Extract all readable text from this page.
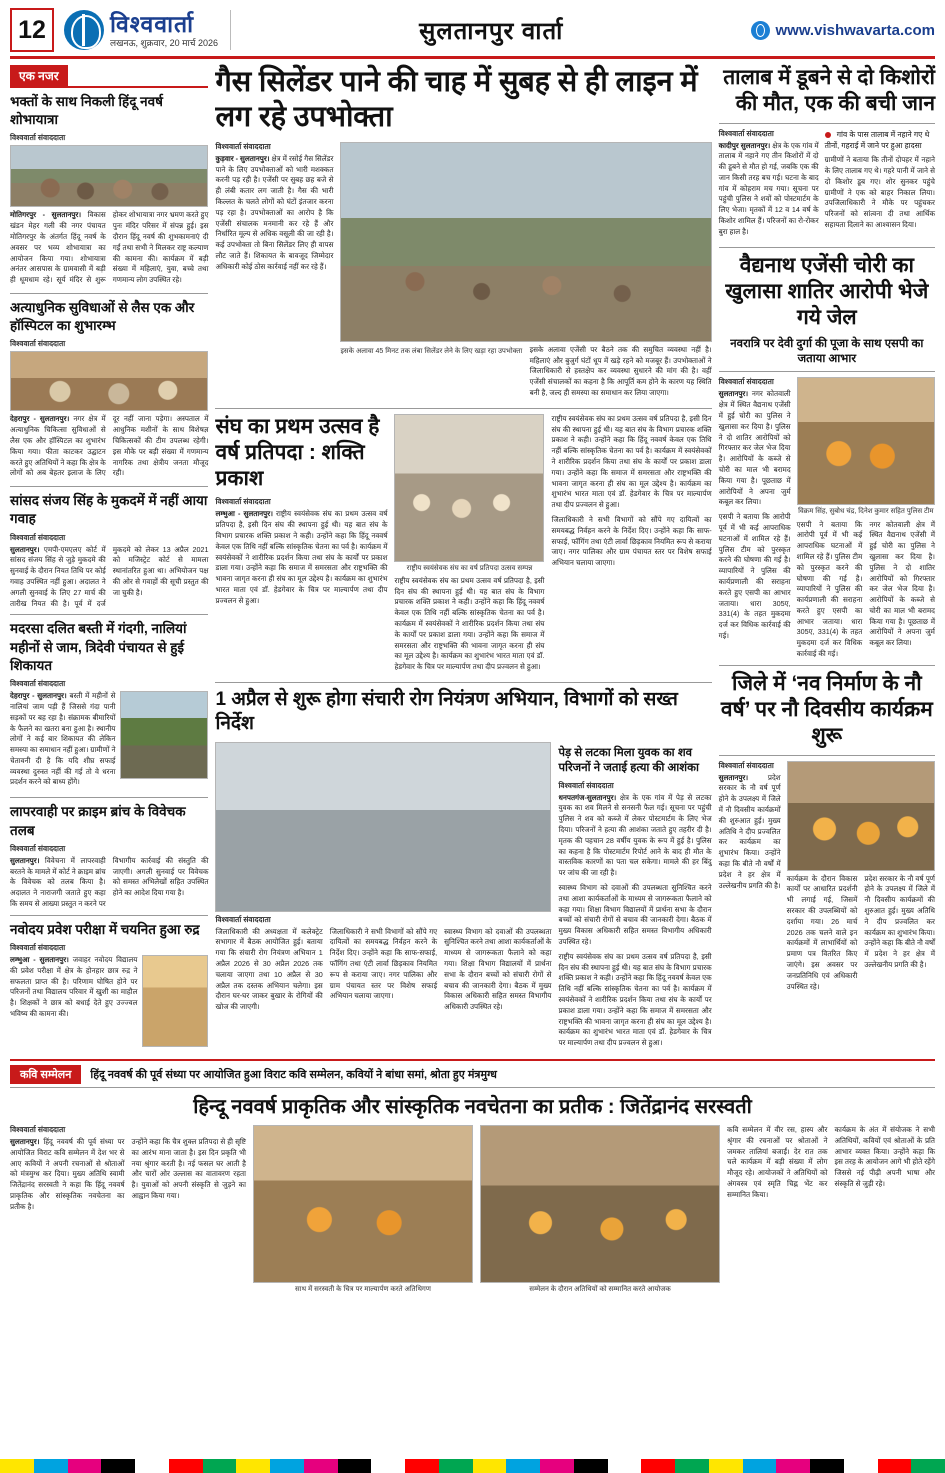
12	विश्ववार्ता
लखनऊ, शुक्रवार, 20 मार्च 2026	सुलतानपुर वार्ता	www.vishwavarta.com
एक नजर
भक्तों के साथ निकली हिंदू नवर्ष शोभायात्रा
विश्ववार्ता संवाददाता

मोतिगरपुर - सुलतानपुर। विकास खंडन मेहर गली की नगर पंचायत मोतिगरपुर के अंतर्गत हिंदू नवर्ष के अवसर पर भव्य शोभायात्रा का आयोजन किया गया। शोभायात्रा अनंतर आसपास के ग्रामवासी में बड़ी ही धूमधाम रहे। सूर्य मंदिर से शुरू होकर शोभायात्रा नगर भ्रमण करते हुए पुनः मंदिर परिसर में संपन्न हुई। इस दौरान हिंदू नवर्ष की शुभकामनाएं दी गईं तथा सभी ने मिलकर राष्ट्र कल्याण की कामना की। कार्यक्रम में बड़ी संख्या में महिलाएं, युवा, बच्चे तथा गणमान्य लोग उपस्थित रहे।

अत्याधुनिक सुविधाओं से लैस एक और हॉस्पिटल का शुभारम्भ
विश्ववार्ता संवाददाता

देहरापुर - सुलतानपुर। नगर क्षेत्र में अत्याधुनिक चिकित्सा सुविधाओं से लैस एक और हॉस्पिटल का शुभारंभ किया गया। फीता काटकर उद्घाटन करते हुए अतिथियों ने कहा कि क्षेत्र के लोगों को अब बेहतर इलाज के लिए दूर नहीं जाना पड़ेगा। अस्पताल में आधुनिक मशीनों के साथ विशेषज्ञ चिकित्सकों की टीम उपलब्ध रहेगी। इस मौके पर बड़ी संख्या में गणमान्य नागरिक तथा क्षेत्रीय जनता मौजूद रही।

सांसद संजय सिंह के मुकदमें में नहीं आया गवाह
विश्ववार्ता संवाददाता

सुलतानपुर। एमपी-एमएलए कोर्ट में सांसद संजय सिंह से जुड़े मुकदमे की सुनवाई के दौरान नियत तिथि पर कोई गवाह उपस्थित नहीं हुआ। अदालत ने अगली सुनवाई के लिए 27 मार्च की तारीख नियत की है। पूर्व में दर्ज मुकदमे को लेकर 13 अप्रैल 2021 को मजिस्ट्रेट कोर्ट से मामला स्थानांतरित हुआ था। अभियोजन पक्ष की ओर से गवाहों की सूची प्रस्तुत की जा चुकी है।

मदरसा दलित बस्ती में गंदगी, नालियां महीनों से जाम, त्रिदेवी पंचायत से हुई शिकायत
विश्ववार्ता संवाददाता

देहरापुर - सुलतानपुर। बस्ती में महीनों से नालियां जाम पड़ी हैं जिससे गंदा पानी सड़कों पर बह रहा है। संक्रामक बीमारियों के फैलने का खतरा बना हुआ है। स्थानीय लोगों ने कई बार शिकायत की लेकिन समस्या का समाधान नहीं हुआ। ग्रामीणों ने चेतावनी दी है कि यदि शीघ्र सफाई व्यवस्था दुरुस्त नहीं की गई तो वे धरना प्रदर्शन करने को बाध्य होंगे।

लापरवाही पर क्राइम ब्रांच के विवेचक तलब
विश्ववार्ता संवाददाता

सुलतानपुर। विवेचना में लापरवाही बरतने के मामले में कोर्ट ने क्राइम ब्रांच के विवेचक को तलब किया है। अदालत ने नाराजगी जताते हुए कहा कि समय से आख्या प्रस्तुत न करने पर विभागीय कार्रवाई की संस्तुति की जाएगी। अगली सुनवाई पर विवेचक को समस्त अभिलेखों सहित उपस्थित होने का आदेश दिया गया है।

नवोदय प्रवेश परीक्षा में चयनित हुआ रुद्र
विश्ववार्ता संवाददाता

लम्भुआ - सुलतानपुर। जवाहर नवोदय विद्यालय की प्रवेश परीक्षा में क्षेत्र के होनहार छात्र रुद्र ने सफलता प्राप्त की है। परिणाम घोषित होने पर परिजनों तथा विद्यालय परिवार में खुशी का माहौल है। शिक्षकों ने छात्र को बधाई देते हुए उज्ज्वल भविष्य की कामना की।

गैस सिलेंडर पाने की चाह में सुबह से ही लाइन में लग रहे उपभोक्ता
विश्ववार्ता संवाददाता

कुड़वार - सुलतानपुर। क्षेत्र में रसोई गैस सिलेंडर पाने के लिए उपभोक्ताओं को भारी मशक्कत करनी पड़ रही है। एजेंसी पर सुबह छह बजे से ही लंबी कतार लग जाती है। गैस की भारी किल्लत के चलते लोगों को घंटों इंतजार करना पड़ रहा है। उपभोक्ताओं का आरोप है कि एजेंसी संचालक मनमानी कर रहे हैं और निर्धारित मूल्य से अधिक वसूली की जा रही है। कई उपभोक्ता तो बिना सिलेंडर लिए ही वापस लौट जाते हैं। शिकायत के बावजूद जिम्मेदार अधिकारी कोई ठोस कार्रवाई नहीं कर रहे हैं।

इसके अलावा 45 मिनट तक लंबा सिलेंडर लेने के लिए खड़ा रहा उपभोक्ता इसके अलावा एजेंसी पर बैठने तक की समुचित व्यवस्था नहीं है। महिलाएं और बुजुर्ग घंटों धूप में खड़े रहने को मजबूर हैं। उपभोक्ताओं ने जिलाधिकारी से हस्तक्षेप कर व्यवस्था सुधारने की मांग की है। वहीं एजेंसी संचालकों का कहना है कि आपूर्ति कम होने के कारण यह स्थिति बनी है, जल्द ही समस्या का समाधान कर लिया जाएगा।

संघ का प्रथम उत्सव है वर्ष प्रतिपदा : शक्ति प्रकाश
विश्ववार्ता संवाददाता

लम्भुआ - सुलतानपुर। राष्ट्रीय स्वयंसेवक संघ का प्रथम उत्सव वर्ष प्रतिपदा है, इसी दिन संघ की स्थापना हुई थी। यह बात संघ के विभाग प्रचारक शक्ति प्रकाश ने कही। उन्होंने कहा कि हिंदू नववर्ष केवल एक तिथि नहीं बल्कि सांस्कृतिक चेतना का पर्व है। कार्यक्रम में स्वयंसेवकों ने शारीरिक प्रदर्शन किया तथा संघ के कार्यों पर प्रकाश डाला गया। उन्होंने कहा कि समाज में समरसता और राष्ट्रभक्ति की भावना जागृत करना ही संघ का मूल उद्देश्य है। कार्यक्रम का शुभारंभ भारत माता एवं डॉ. हेडगेवार के चित्र पर माल्यार्पण तथा दीप प्रज्वलन से हुआ।

राष्ट्रीय स्वयंसेवक संघ का वर्ष प्रतिपदा उत्सव सम्पन्न

राष्ट्रीय स्वयंसेवक संघ का प्रथम उत्सव वर्ष प्रतिपदा है, इसी दिन संघ की स्थापना हुई थी। यह बात संघ के विभाग प्रचारक शक्ति प्रकाश ने कही। उन्होंने कहा कि हिंदू नववर्ष केवल एक तिथि नहीं बल्कि सांस्कृतिक चेतना का पर्व है। कार्यक्रम में स्वयंसेवकों ने शारीरिक प्रदर्शन किया तथा संघ के कार्यों पर प्रकाश डाला गया। उन्होंने कहा कि समाज में समरसता और राष्ट्रभक्ति की भावना जागृत करना ही संघ का मूल उद्देश्य है। कार्यक्रम का शुभारंभ भारत माता एवं डॉ. हेडगेवार के चित्र पर माल्यार्पण तथा दीप प्रज्वलन से हुआ।

राष्ट्रीय स्वयंसेवक संघ का प्रथम उत्सव वर्ष प्रतिपदा है, इसी दिन संघ की स्थापना हुई थी। यह बात संघ के विभाग प्रचारक शक्ति प्रकाश ने कही। उन्होंने कहा कि हिंदू नववर्ष केवल एक तिथि नहीं बल्कि सांस्कृतिक चेतना का पर्व है। कार्यक्रम में स्वयंसेवकों ने शारीरिक प्रदर्शन किया तथा संघ के कार्यों पर प्रकाश डाला गया। उन्होंने कहा कि समाज में समरसता और राष्ट्रभक्ति की भावना जागृत करना ही संघ का मूल उद्देश्य है। कार्यक्रम का शुभारंभ भारत माता एवं डॉ. हेडगेवार के चित्र पर माल्यार्पण तथा दीप प्रज्वलन से हुआ।

जिलाधिकारी ने सभी विभागों को सौंपे गए दायित्वों का समयबद्ध निर्वहन करने के निर्देश दिए। उन्होंने कहा कि साफ-सफाई, फॉगिंग तथा एंटी लार्वा छिड़काव नियमित रूप से कराया जाए। नगर पालिका और ग्राम पंचायत स्तर पर विशेष सफाई अभियान चलाया जाएगा।

1 अप्रैल से शुरू होगा संचारी रोग नियंत्रण अभियान, विभागों को सख्त निर्देश
विश्ववार्ता संवाददाता

जिलाधिकारी की अध्यक्षता में कलेक्ट्रेट सभागार में बैठक आयोजित हुई। बताया गया कि संचारी रोग नियंत्रण अभियान 1 अप्रैल 2026 से 30 अप्रैल 2026 तक चलाया जाएगा तथा 10 अप्रैल से 30 अप्रैल तक दस्तक अभियान चलेगा। इस दौरान घर-घर जाकर बुखार के रोगियों की खोज की जाएगी।

जिलाधिकारी ने सभी विभागों को सौंपे गए दायित्वों का समयबद्ध निर्वहन करने के निर्देश दिए। उन्होंने कहा कि साफ-सफाई, फॉगिंग तथा एंटी लार्वा छिड़काव नियमित रूप से कराया जाए। नगर पालिका और ग्राम पंचायत स्तर पर विशेष सफाई अभियान चलाया जाएगा।

स्वास्थ्य विभाग को दवाओं की उपलब्धता सुनिश्चित करने तथा आशा कार्यकर्ताओं के माध्यम से जागरूकता फैलाने को कहा गया। शिक्षा विभाग विद्यालयों में प्रार्थना सभा के दौरान बच्चों को संचारी रोगों से बचाव की जानकारी देगा। बैठक में मुख्य विकास अधिकारी सहित समस्त विभागीय अधिकारी उपस्थित रहे।

पेड़ से लटका मिला युवक का शव परिजनों ने जताई हत्या की आशंका
विश्ववार्ता संवाददाता

धनपतगंज-सुलतानपुर। क्षेत्र के एक गांव में पेड़ से लटका युवक का शव मिलने से सनसनी फैल गई। सूचना पर पहुंची पुलिस ने शव को कब्जे में लेकर पोस्टमार्टम के लिए भेज दिया। परिजनों ने हत्या की आशंका जताते हुए तहरीर दी है। मृतक की पहचान 28 वर्षीय युवक के रूप में हुई है। पुलिस का कहना है कि पोस्टमार्टम रिपोर्ट आने के बाद ही मौत के वास्तविक कारणों का पता चल सकेगा। मामले की हर बिंदु पर जांच की जा रही है।

स्वास्थ्य विभाग को दवाओं की उपलब्धता सुनिश्चित करने तथा आशा कार्यकर्ताओं के माध्यम से जागरूकता फैलाने को कहा गया। शिक्षा विभाग विद्यालयों में प्रार्थना सभा के दौरान बच्चों को संचारी रोगों से बचाव की जानकारी देगा। बैठक में मुख्य विकास अधिकारी सहित समस्त विभागीय अधिकारी उपस्थित रहे।

राष्ट्रीय स्वयंसेवक संघ का प्रथम उत्सव वर्ष प्रतिपदा है, इसी दिन संघ की स्थापना हुई थी। यह बात संघ के विभाग प्रचारक शक्ति प्रकाश ने कही। उन्होंने कहा कि हिंदू नववर्ष केवल एक तिथि नहीं बल्कि सांस्कृतिक चेतना का पर्व है। कार्यक्रम में स्वयंसेवकों ने शारीरिक प्रदर्शन किया तथा संघ के कार्यों पर प्रकाश डाला गया। उन्होंने कहा कि समाज में समरसता और राष्ट्रभक्ति की भावना जागृत करना ही संघ का मूल उद्देश्य है। कार्यक्रम का शुभारंभ भारत माता एवं डॉ. हेडगेवार के चित्र पर माल्यार्पण तथा दीप प्रज्वलन से हुआ।

तालाब में डूबने से दो किशोरों की मौत, एक की बची जान
विश्ववार्ता संवाददाता

कादीपुर सुलतानपुर। क्षेत्र के एक गांव में तालाब में नहाने गए तीन किशोरों में दो की डूबने से मौत हो गई, जबकि एक की जान किसी तरह बच गई। घटना के बाद गांव में कोहराम मच गया। सूचना पर पहुंची पुलिस ने शवों को पोस्टमार्टम के लिए भेजा। मृतकों में 12 व 14 वर्ष के किशोर शामिल हैं। परिजनों का रो-रोकर बुरा हाल है।

गांव के पास तालाब में नहाने गए थे तीनों, गहराई में जाने पर हुआ हादसा

ग्रामीणों ने बताया कि तीनों दोपहर में नहाने के लिए तालाब गए थे। गहरे पानी में जाने से दो किशोर डूब गए। शोर सुनकर पहुंचे ग्रामीणों ने एक को बाहर निकाल लिया। उपजिलाधिकारी ने मौके पर पहुंचकर परिजनों को सांत्वना दी तथा आर्थिक सहायता दिलाने का आश्वासन दिया।

वैद्यनाथ एजेंसी चोरी का खुलासा शातिर आरोपी भेजे गये जेल
नवरात्रि पर देवी दुर्गा की पूजा के साथ एसपी का जताया आभार
विश्ववार्ता संवाददाता

सुलतानपुर। नगर कोतवाली क्षेत्र में स्थित वैद्यनाथ एजेंसी में हुई चोरी का पुलिस ने खुलासा कर दिया है। पुलिस ने दो शातिर आरोपियों को गिरफ्तार कर जेल भेज दिया है। आरोपियों के कब्जे से चोरी का माल भी बरामद किया गया है। पूछताछ में आरोपियों ने अपना जुर्म कबूल कर लिया।

एसपी ने बताया कि आरोपी पूर्व में भी कई आपराधिक घटनाओं में शामिल रहे हैं। पुलिस टीम को पुरस्कृत करने की घोषणा की गई है। व्यापारियों ने पुलिस की कार्यप्रणाली की सराहना करते हुए एसपी का आभार जताया। धारा 305ए, 331(4) के तहत मुकदमा दर्ज कर विधिक कार्रवाई की गई।

विक्रम सिंह, सुबोध चंद्र, दिनेश कुमार सहित पुलिस टीम

एसपी ने बताया कि आरोपी पूर्व में भी कई आपराधिक घटनाओं में शामिल रहे हैं। पुलिस टीम को पुरस्कृत करने की घोषणा की गई है। व्यापारियों ने पुलिस की कार्यप्रणाली की सराहना करते हुए एसपी का आभार जताया। धारा 305ए, 331(4) के तहत मुकदमा दर्ज कर विधिक कार्रवाई की गई।

नगर कोतवाली क्षेत्र में स्थित वैद्यनाथ एजेंसी में हुई चोरी का पुलिस ने खुलासा कर दिया है। पुलिस ने दो शातिर आरोपियों को गिरफ्तार कर जेल भेज दिया है। आरोपियों के कब्जे से चोरी का माल भी बरामद किया गया है। पूछताछ में आरोपियों ने अपना जुर्म कबूल कर लिया।

जिले में ‘नव निर्माण के नौ वर्ष’ पर नौ दिवसीय कार्यक्रम शुरू
विश्ववार्ता संवाददाता

सुलतानपुर।	प्रदेश सरकार के नौ वर्ष पूर्ण होने के उपलक्ष्य में जिले में नौ दिवसीय कार्यक्रमों की शुरुआत हुई। मुख्य अतिथि ने दीप प्रज्वलित कर कार्यक्रम का शुभारंभ किया। उन्होंने कहा कि बीते नौ वर्षों में प्रदेश ने हर क्षेत्र में उल्लेखनीय प्रगति की है।

कार्यक्रम के दौरान विकास कार्यों पर आधारित प्रदर्शनी भी लगाई गई, जिसमें सरकार की उपलब्धियों को दर्शाया गया। 26 मार्च 2026 तक चलने वाले इन कार्यक्रमों में लाभार्थियों को प्रमाण पत्र वितरित किए जाएंगे। इस अवसर पर जनप्रतिनिधि एवं अधिकारी उपस्थित रहे।

प्रदेश सरकार के नौ वर्ष पूर्ण होने के उपलक्ष्य में जिले में नौ दिवसीय कार्यक्रमों की शुरुआत हुई। मुख्य अतिथि ने दीप प्रज्वलित कर कार्यक्रम का शुभारंभ किया। उन्होंने कहा कि बीते नौ वर्षों में प्रदेश ने हर क्षेत्र में उल्लेखनीय प्रगति की है।

कवि सम्मेलन	हिंदू नववर्ष की पूर्व संध्या पर आयोजित हुआ विराट कवि सम्मेलन, कवियों ने बांधा समां, श्रोता हुए मंत्रमुग्ध
हिन्दू नववर्ष प्राकृतिक और सांस्कृतिक नवचेतना का प्रतीक : जितेंद्रानंद सरस्वती
विश्ववार्ता संवाददाता

सुलतानपुर। हिंदू नववर्ष की पूर्व संध्या पर आयोजित विराट कवि सम्मेलन में देश भर से आए कवियों ने अपनी रचनाओं से श्रोताओं को मंत्रमुग्ध कर दिया। मुख्य अतिथि स्वामी जितेंद्रानंद सरस्वती ने कहा कि हिंदू नववर्ष प्राकृतिक और सांस्कृतिक नवचेतना का प्रतीक है।

उन्होंने कहा कि चैत्र शुक्ल प्रतिपदा से ही सृष्टि का आरंभ माना जाता है। इस दिन प्रकृति भी नया श्रृंगार करती है। नई फसल घर आती है और चारों ओर उल्लास का वातावरण रहता है। युवाओं को अपनी संस्कृति से जुड़ने का आह्वान किया गया।

साथ में सरस्वती के चित्र पर माल्यार्पण करते अतिथिगण	सम्मेलन के दौरान अतिथियों को सम्मानित करते आयोजक

कवि सम्मेलन में वीर रस, हास्य और श्रृंगार की रचनाओं पर श्रोताओं ने जमकर तालियां बजाईं। देर रात तक चले कार्यक्रम में बड़ी संख्या में लोग मौजूद रहे। आयोजकों ने अतिथियों को अंगवस्त्र एवं स्मृति चिह्न भेंट कर सम्मानित किया।

कार्यक्रम के अंत में संयोजक ने सभी अतिथियों, कवियों एवं श्रोताओं के प्रति आभार व्यक्त किया। उन्होंने कहा कि इस तरह के आयोजन आगे भी होते रहेंगे जिससे नई पीढ़ी अपनी भाषा और संस्कृति से जुड़ी रहे।
